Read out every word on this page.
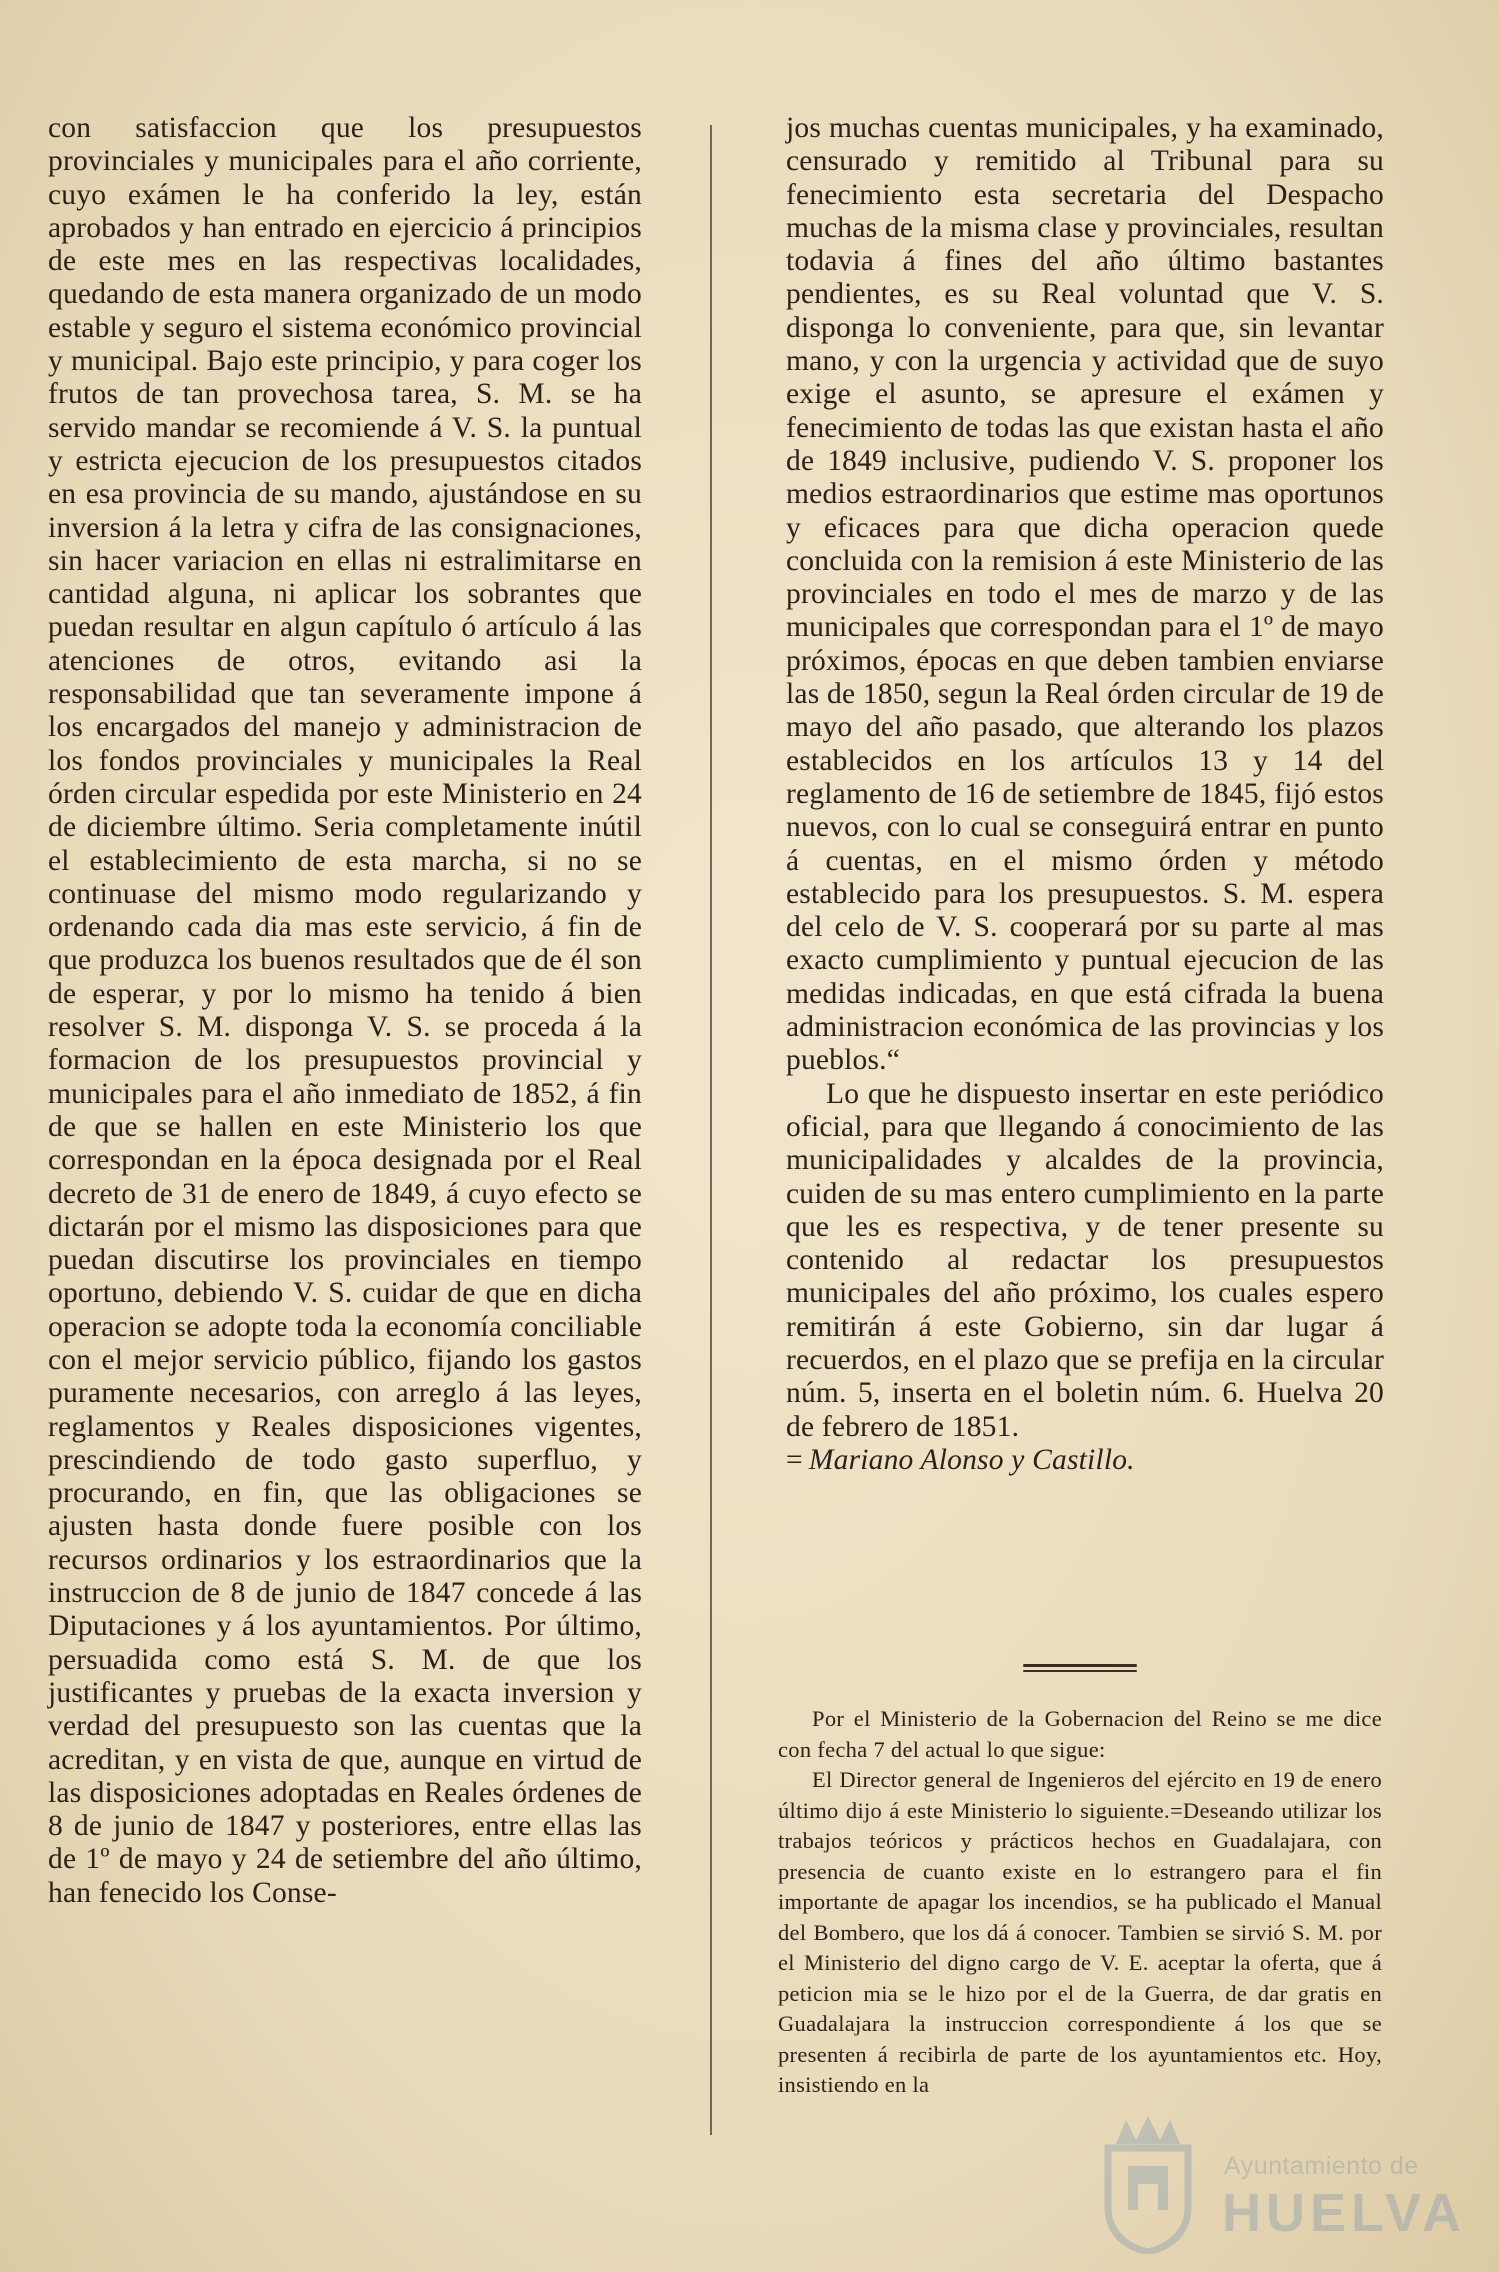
con satisfaccion que los presupuestos provinciales y municipales para el año corriente, cuyo exámen le ha conferido la ley, están aprobados y han entrado en ejercicio á principios de este mes en las respectivas localidades, quedando de esta manera organizado de un modo estable y seguro el sistema económico provincial y municipal. Bajo este principio, y para coger los frutos de tan provechosa tarea, S. M. se ha servido mandar se recomiende á V. S. la puntual y estricta ejecucion de los presupuestos citados en esa provincia de su mando, ajustándose en su inversion á la letra y cifra de las consignaciones, sin hacer variacion en ellas ni estralimitarse en cantidad alguna, ni aplicar los sobrantes que puedan resultar en algun capítulo ó artículo á las atenciones de otros, evitando asi la responsabilidad que tan severamente impone á los encargados del manejo y administracion de los fondos provinciales y municipales la Real órden circular espedida por este Ministerio en 24 de diciembre último. Seria completamente inútil el establecimiento de esta marcha, si no se continuase del mismo modo regularizando y ordenando cada dia mas este servicio, á fin de que produzca los buenos resultados que de él son de esperar, y por lo mismo ha tenido á bien resolver S. M. disponga V. S. se proceda á la formacion de los presupuestos provincial y municipales para el año inmediato de 1852, á fin de que se hallen en este Ministerio los que correspondan en la época designada por el Real decreto de 31 de enero de 1849, á cuyo efecto se dictarán por el mismo las disposiciones para que puedan discutirse los provinciales en tiempo oportuno, debiendo V. S. cuidar de que en dicha operacion se adopte toda la economía conciliable con el mejor servicio público, fijando los gastos puramente necesarios, con arreglo á las leyes, reglamentos y Reales disposiciones vigentes, prescindiendo de todo gasto superfluo, y procurando, en fin, que las obligaciones se ajusten hasta donde fuere posible con los recursos ordinarios y los estraordinarios que la instruccion de 8 de junio de 1847 concede á las Diputaciones y á los ayuntamientos. Por último, persuadida como está S. M. de que los justificantes y pruebas de la exacta inversion y verdad del presupuesto son las cuentas que la acreditan, y en vista de que, aunque en virtud de las disposiciones adoptadas en Reales órdenes de 8 de junio de 1847 y posteriores, entre ellas las de 1º de mayo y 24 de setiembre del año último, han fenecido los Conse-

jos muchas cuentas municipales, y ha examinado, censurado y remitido al Tribunal para su fenecimiento esta secretaria del Despacho muchas de la misma clase y provinciales, resultan todavia á fines del año último bastantes pendientes, es su Real voluntad que V. S. disponga lo conveniente, para que, sin levantar mano, y con la urgencia y actividad que de suyo exige el asunto, se apresure el exámen y fenecimiento de todas las que existan hasta el año de 1849 inclusive, pudiendo V. S. proponer los medios estraordinarios que estime mas oportunos y eficaces para que dicha operacion quede concluida con la remision á este Ministerio de las provinciales en todo el mes de marzo y de las municipales que correspondan para el 1º de mayo próximos, épocas en que deben tambien enviarse las de 1850, segun la Real órden circular de 19 de mayo del año pasado, que alterando los plazos establecidos en los artículos 13 y 14 del reglamento de 16 de setiembre de 1845, fijó estos nuevos, con lo cual se conseguirá entrar en punto á cuentas, en el mismo órden y método establecido para los presupuestos. S. M. espera del celo de V. S. cooperará por su parte al mas exacto cumplimiento y puntual ejecucion de las medidas indicadas, en que está cifrada la buena administracion económica de las provincias y los pueblos.“

Lo que he dispuesto insertar en este periódico oficial, para que llegando á conocimiento de las municipalidades y alcaldes de la provincia, cuiden de su mas entero cumplimiento en la parte que les es respectiva, y de tener presente su contenido al redactar los presupuestos municipales del año próximo, los cuales espero remitirán á este Gobierno, sin dar lugar á recuerdos, en el plazo que se prefija en la circular núm. 5, inserta en el boletin núm. 6. Huelva 20 de febrero de 1851.

= Mariano Alonso y Castillo.

Por el Ministerio de la Gobernacion del Reino se me dice con fecha 7 del actual lo que sigue:

El Director general de Ingenieros del ejército en 19 de enero último dijo á este Ministerio lo siguiente.=Deseando utilizar los trabajos teóricos y prácticos hechos en Guadalajara, con presencia de cuanto existe en lo estrangero para el fin importante de apagar los incendios, se ha publicado el Manual del Bombero, que los dá á conocer. Tambien se sirvió S. M. por el Ministerio del digno cargo de V. E. aceptar la oferta, que á peticion mia se le hizo por el de la Guerra, de dar gratis en Guadalajara la instruccion correspondiente á los que se presenten á recibirla de parte de los ayuntamientos etc. Hoy, insistiendo en la

Ayuntamiento de
HUELVA
